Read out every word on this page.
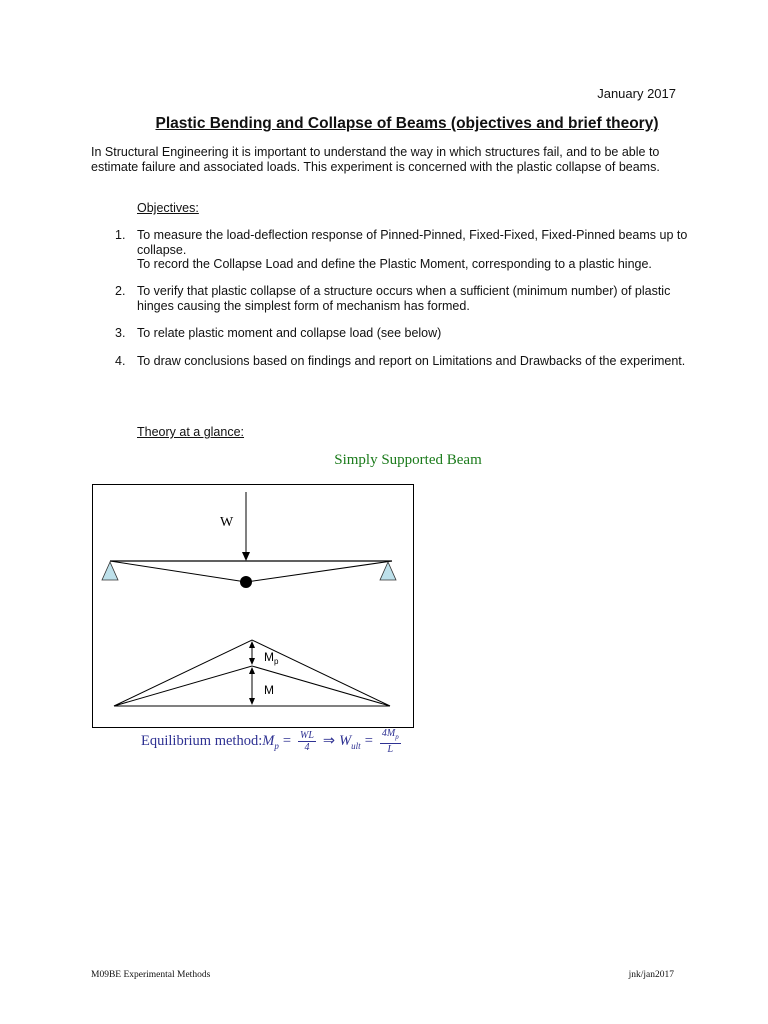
January 2017
Plastic Bending and Collapse of Beams (objectives and brief theory)
In Structural Engineering it is important to understand the way in which structures fail, and to be able to estimate failure and associated loads. This experiment is concerned with the plastic collapse of beams.
Objectives:
1. To measure the load-deflection response of Pinned-Pinned, Fixed-Fixed, Fixed-Pinned beams up to collapse.
To record the Collapse Load and define the Plastic Moment, corresponding to a plastic hinge.
2. To verify that plastic collapse of a structure occurs when a sufficient (minimum number) of plastic hinges causing the simplest form of mechanism has formed.
3. To relate plastic moment and collapse load (see below)
4. To draw conclusions based on findings and report on Limitations and Drawbacks of the experiment.
Theory at a glance:
Simply Supported Beam
W
$M_p$
M
Equilibrium method: $M_p = \frac{WL}{4}$ ⇒ $W_{ult} = \frac{4M_p}{L}$
M09BE Experimental Methods	jnk/jan2017
